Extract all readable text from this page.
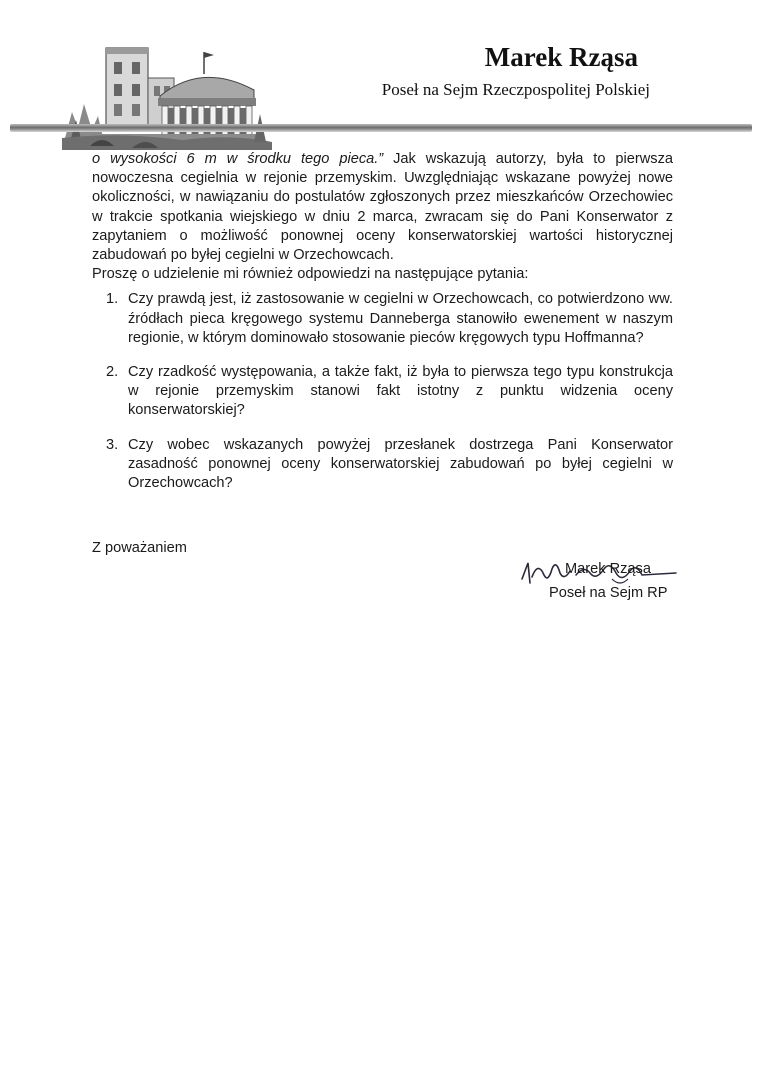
Marek Rząsa

Poseł na Sejm Rzeczpospolitej Polskiej

o wysokości 6 m w środku tego pieca.” Jak wskazują autorzy, była to pierwsza nowoczesna cegielnia w rejonie przemyskim. Uwzględniając wskazane powyżej nowe okoliczności, w nawiązaniu do postulatów zgłoszonych przez mieszkańców Orzechowiec w trakcie spotkania wiejskiego w dniu 2 marca, zwracam się do Pani Konserwator z zapytaniem o możliwość ponownej oceny konserwatorskiej wartości historycznej zabudowań po byłej cegielni w Orzechowcach.

Proszę o udzielenie mi również odpowiedzi na następujące pytania:

1. Czy prawdą jest, iż zastosowanie w cegielni w Orzechowcach, co potwierdzono ww. źródłach pieca kręgowego systemu Danneberga stanowiło ewenement w naszym regionie, w którym dominowało stosowanie pieców kręgowych typu Hoffmanna?
2. Czy rzadkość występowania, a także fakt, iż była to pierwsza tego typu konstrukcja w rejonie przemyskim stanowi fakt istotny z punktu widzenia oceny konserwatorskiej?
3. Czy wobec wskazanych powyżej przesłanek dostrzega Pani Konserwator zasadność ponownej oceny konserwatorskiej zabudowań po byłej cegielni w Orzechowcach?

Z poważaniem

Marek Rząsa

Poseł na Sejm RP
